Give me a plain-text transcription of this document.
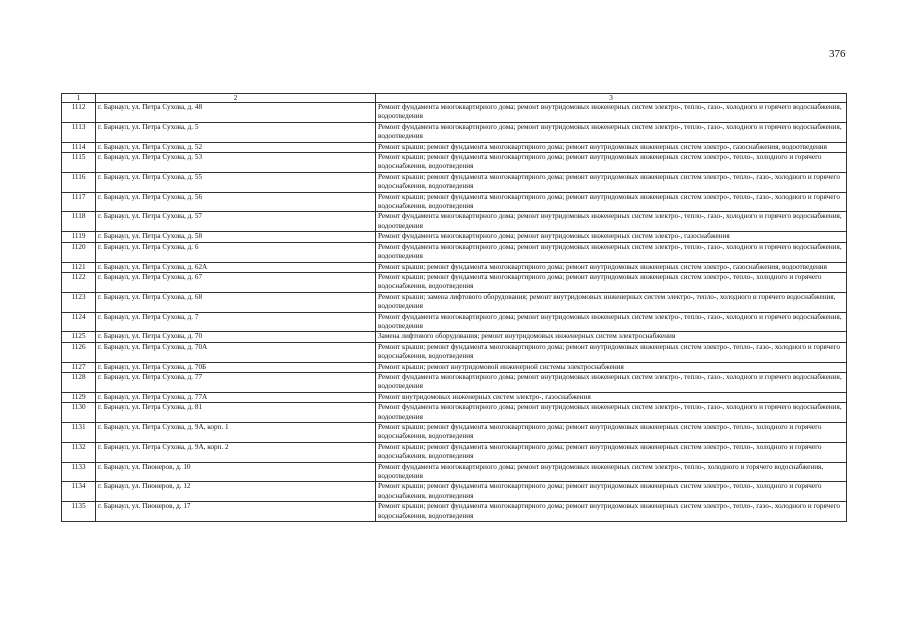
376
1	2	3
1112	г. Барнаул, ул. Петра Сухова, д. 48	Ремонт фундамента многоквартирного дома; ремонт внутридомовых инженерных систем электро-, тепло-, газо-, холодного и горячего водоснабжения, водоотведения
1113	г. Барнаул, ул. Петра Сухова, д. 5	Ремонт фундамента многоквартирного дома; ремонт внутридомовых инженерных систем электро-, тепло-, газо-, холодного и горячего водоснабжения, водоотведения
1114	г. Барнаул, ул. Петра Сухова, д. 52	Ремонт крыши; ремонт фундамента многоквартирного дома; ремонт внутридомовых инженерных систем электро-, газоснабжения, водоотведения
1115	г. Барнаул, ул. Петра Сухова, д. 53	Ремонт крыши; ремонт фундамента многоквартирного дома; ремонт внутридомовых инженерных систем электро-, тепло-, холодного и горячего водоснабжения, водоотведения
1116	г. Барнаул, ул. Петра Сухова, д. 55	Ремонт крыши; ремонт фундамента многоквартирного дома; ремонт внутридомовых инженерных систем электро-, тепло-, газо-, холодного и горячего водоснабжения, водоотведения
1117	г. Барнаул, ул. Петра Сухова, д. 56	Ремонт крыши; ремонт фундамента многоквартирного дома; ремонт внутридомовых инженерных систем электро-, тепло-, газо-, холодного и горячего водоснабжения, водоотведения
1118	г. Барнаул, ул. Петра Сухова, д. 57	Ремонт фундамента многоквартирного дома; ремонт внутридомовых инженерных систем электро-, тепло-, газо-, холодного и горячего водоснабжения, водоотведения
1119	г. Барнаул, ул. Петра Сухова, д. 58	Ремонт фундамента многоквартирного дома; ремонт внутридомовых инженерных систем электро-, газоснабжения
1120	г. Барнаул, ул. Петра Сухова, д. 6	Ремонт фундамента многоквартирного дома; ремонт внутридомовых инженерных систем электро-, тепло-, газо-, холодного и горячего водоснабжения, водоотведения
1121	г. Барнаул, ул. Петра Сухова, д. 62А	Ремонт крыши; ремонт фундамента многоквартирного дома; ремонт внутридомовых инженерных систем электро-, газоснабжения, водоотведения
1122	г. Барнаул, ул. Петра Сухова, д. 67	Ремонт крыши; ремонт фундамента многоквартирного дома; ремонт внутридомовых инженерных систем электро-, тепло-, холодного и горячего водоснабжения, водоотведения
1123	г. Барнаул, ул. Петра Сухова, д. 68	Ремонт крыши; замена лифтового оборудования; ремонт внутридомовых инженерных систем электро-, тепло-, холодного и горячего водоснабжения, водоотведения
1124	г. Барнаул, ул. Петра Сухова, д. 7	Ремонт фундамента многоквартирного дома; ремонт внутридомовых инженерных систем электро-, тепло-, газо-, холодного и горячего водоснабжения, водоотведения
1125	г. Барнаул, ул. Петра Сухова, д. 70	Замена лифтового оборудования; ремонт внутридомовых инженерных систем электроснабжения
1126	г. Барнаул, ул. Петра Сухова, д. 70А	Ремонт крыши; ремонт фундамента многоквартирного дома; ремонт внутридомовых инженерных систем электро-, тепло-, газо-, холодного и горячего водоснабжения, водоотведения
1127	г. Барнаул, ул. Петра Сухова, д. 70Б	Ремонт крыши; ремонт внутридомовой инженерной системы электроснабжения
1128	г. Барнаул, ул. Петра Сухова, д. 77	Ремонт фундамента многоквартирного дома; ремонт внутридомовых инженерных систем электро-, тепло-, газо-, холодного и горячего водоснабжения, водоотведения
1129	г. Барнаул, ул. Петра Сухова, д. 77А	Ремонт внутридомовых инженерных систем электро-, газоснабжения
1130	г. Барнаул, ул. Петра Сухова, д. 81	Ремонт фундамента многоквартирного дома; ремонт внутридомовых инженерных систем электро-, тепло-, газо-, холодного и горячего водоснабжения, водоотведения
1131	г. Барнаул, ул. Петра Сухова, д. 9А, корп. 1	Ремонт крыши; ремонт фундамента многоквартирного дома; ремонт внутридомовых инженерных систем электро-, тепло-, холодного и горячего водоснабжения, водоотведения
1132	г. Барнаул, ул. Петра Сухова, д. 9А, корп. 2	Ремонт крыши; ремонт фундамента многоквартирного дома; ремонт внутридомовых инженерных систем электро-, тепло-, холодного и горячего водоснабжения, водоотведения
1133	г. Барнаул, ул. Пионеров, д. 10	Ремонт фундамента многоквартирного дома; ремонт внутридомовых инженерных систем электро-, тепло-, холодного и горячего водоснабжения, водоотведения
1134	г. Барнаул, ул. Пионеров, д. 12	Ремонт крыши; ремонт фундамента многоквартирного дома; ремонт внутридомовых инженерных систем электро-, тепло-, холодного и горячего водоснабжения, водоотведения
1135	г. Барнаул, ул. Пионеров, д. 17	Ремонт крыши; ремонт фундамента многоквартирного дома; ремонт внутридомовых инженерных систем электро-, тепло-, газо-, холодного и горячего водоснабжения, водоотведения
